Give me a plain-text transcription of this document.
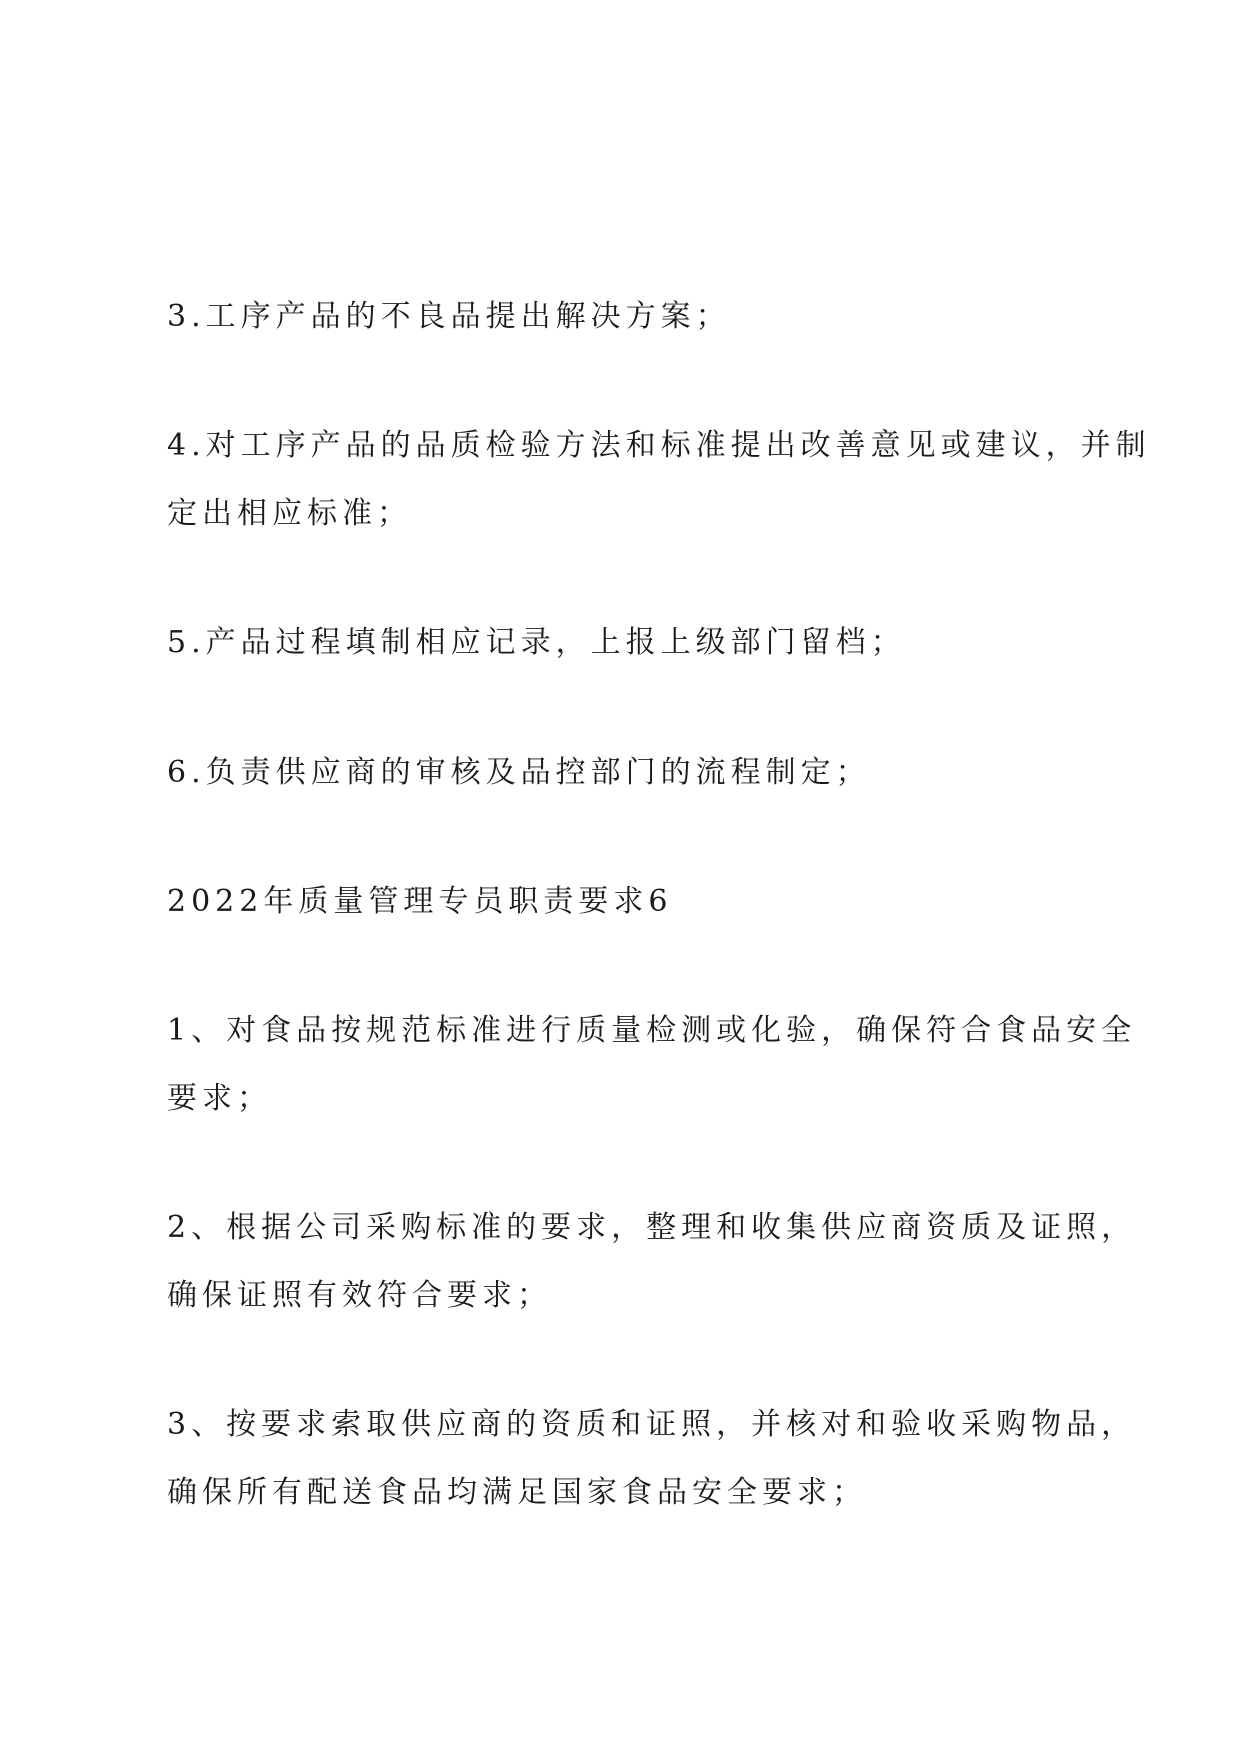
3.工序产品的不良品提出解决方案；
4.对工序产品的品质检验方法和标准提出改善意见或建议，并制
定出相应标准；
5.产品过程填制相应记录，上报上级部门留档；
6.负责供应商的审核及品控部门的流程制定；
2022年质量管理专员职责要求6
1、对食品按规范标准进行质量检测或化验，确保符合食品安全
要求；
2、根据公司采购标准的要求，整理和收集供应商资质及证照，
确保证照有效符合要求；
3、按要求索取供应商的资质和证照，并核对和验收采购物品，
确保所有配送食品均满足国家食品安全要求；
